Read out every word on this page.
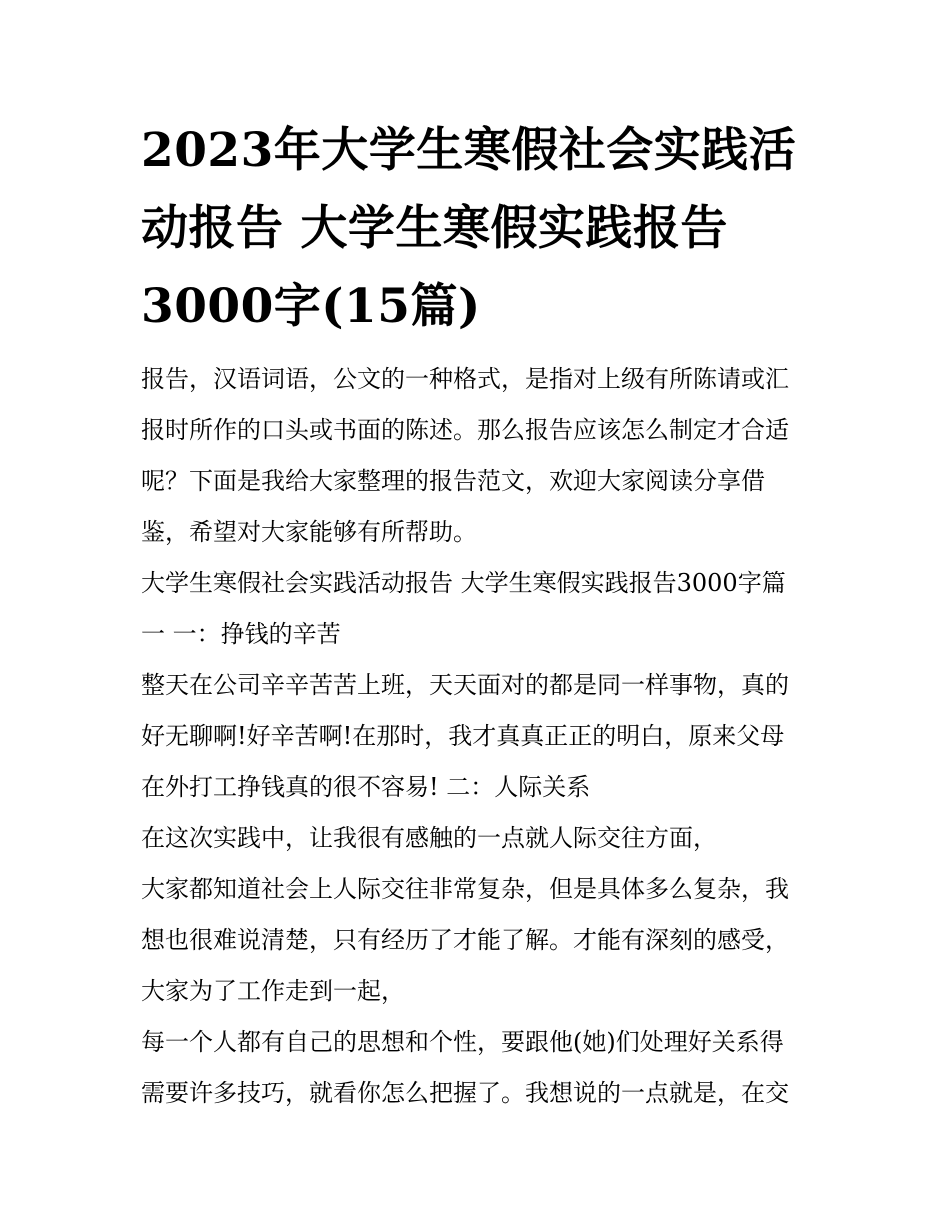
2023年大学生寒假社会实践活
动报告 大学生寒假实践报告
3000字(15篇)
报告，汉语词语，公文的一种格式，是指对上级有所陈请或汇
报时所作的口头或书面的陈述。那么报告应该怎么制定才合适
呢？下面是我给大家整理的报告范文，欢迎大家阅读分享借
鉴，希望对大家能够有所帮助。
大学生寒假社会实践活动报告 大学生寒假实践报告3000字篇
一 一：挣钱的辛苦
整天在公司辛辛苦苦上班，天天面对的都是同一样事物，真的
好无聊啊!好辛苦啊!在那时，我才真真正正的明白，原来父母
在外打工挣钱真的很不容易! 二：人际关系
在这次实践中，让我很有感触的一点就人际交往方面，
大家都知道社会上人际交往非常复杂，但是具体多么复杂，我
想也很难说清楚，只有经历了才能了解。才能有深刻的感受，
大家为了工作走到一起，
每一个人都有自己的思想和个性，要跟他(她)们处理好关系得
需要许多技巧，就看你怎么把握了。我想说的一点就是，在交
